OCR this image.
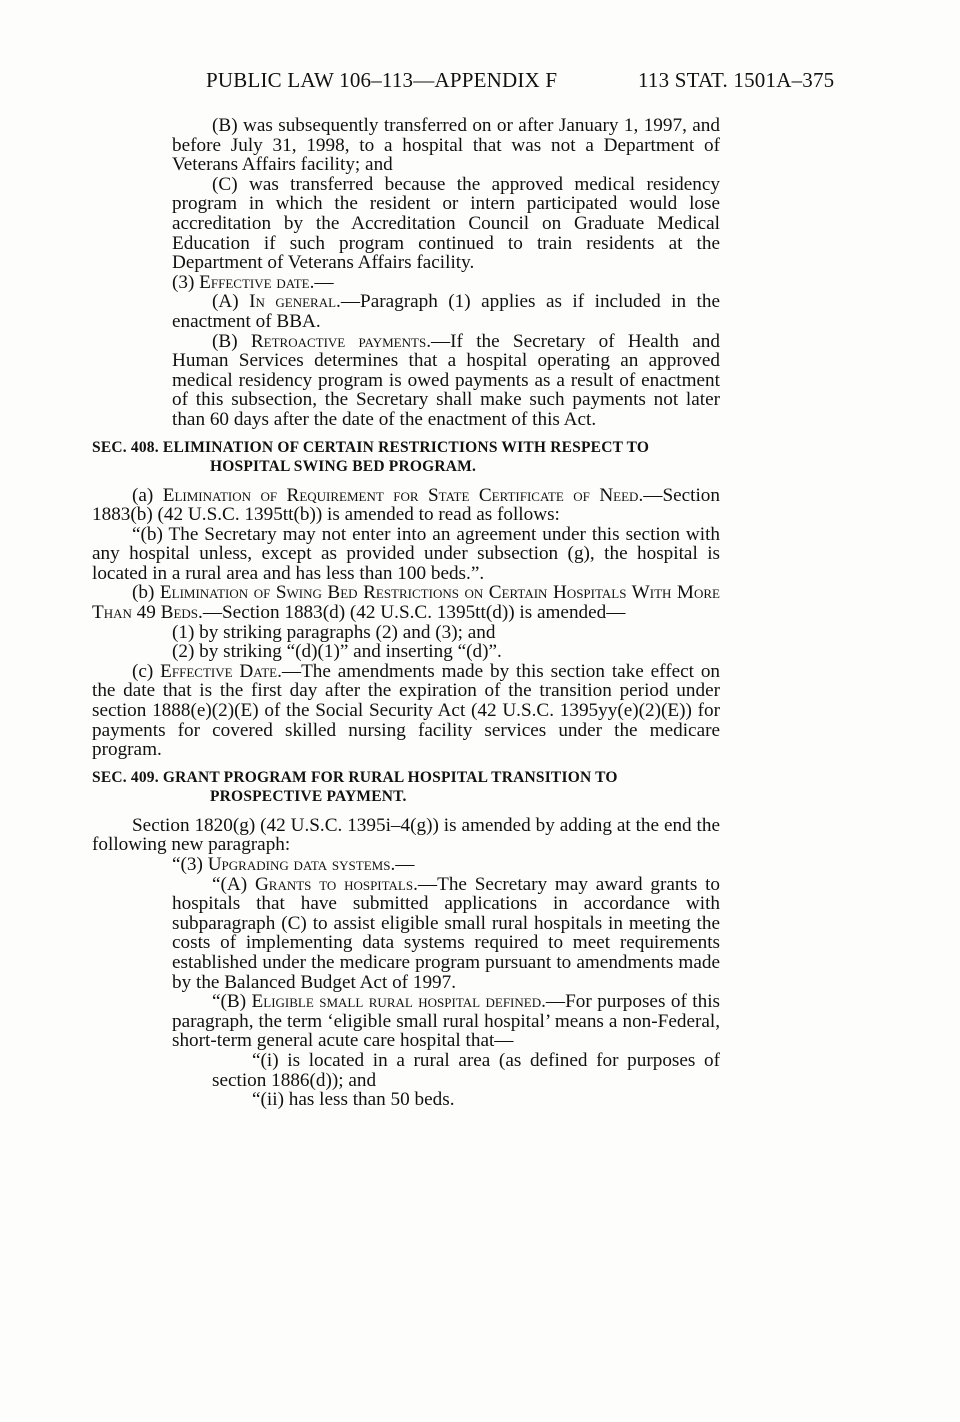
PUBLIC LAW 106–113—APPENDIX F	113 STAT. 1501A–375

(B) was subsequently transferred on or after January 1, 1997, and before July 31, 1998, to a hospital that was not a Department of Veterans Affairs facility; and

(C) was transferred because the approved medical residency program in which the resident or intern participated would lose accreditation by the Accreditation Council on Graduate Medical Education if such program continued to train residents at the Department of Veterans Affairs facility.

(3) Effective date.—

(A) In general.—Paragraph (1) applies as if included in the enactment of BBA.

(B) Retroactive payments.—If the Secretary of Health and Human Services determines that a hospital operating an approved medical residency program is owed payments as a result of enactment of this subsection, the Secretary shall make such payments not later than 60 days after the date of the enactment of this Act.

SEC. 408. ELIMINATION OF CERTAIN RESTRICTIONS WITH RESPECT TO HOSPITAL SWING BED PROGRAM.

(a) Elimination of Requirement for State Certificate of Need.—Section 1883(b) (42 U.S.C. 1395tt(b)) is amended to read as follows:

“(b) The Secretary may not enter into an agreement under this section with any hospital unless, except as provided under subsection (g), the hospital is located in a rural area and has less than 100 beds.”.

(b) Elimination of Swing Bed Restrictions on Certain Hospitals With More Than 49 Beds.—Section 1883(d) (42 U.S.C. 1395tt(d)) is amended—

(1) by striking paragraphs (2) and (3); and

(2) by striking “(d)(1)” and inserting “(d)”.

(c) Effective Date.—The amendments made by this section take effect on the date that is the first day after the expiration of the transition period under section 1888(e)(2)(E) of the Social Security Act (42 U.S.C. 1395yy(e)(2)(E)) for payments for covered skilled nursing facility services under the medicare program.

SEC. 409. GRANT PROGRAM FOR RURAL HOSPITAL TRANSITION TO PROSPECTIVE PAYMENT.

Section 1820(g) (42 U.S.C. 1395i–4(g)) is amended by adding at the end the following new paragraph:

“(3) Upgrading data systems.—

“(A) Grants to hospitals.—The Secretary may award grants to hospitals that have submitted applications in accordance with subparagraph (C) to assist eligible small rural hospitals in meeting the costs of implementing data systems required to meet requirements established under the medicare program pursuant to amendments made by the Balanced Budget Act of 1997.

“(B) Eligible small rural hospital defined.—For purposes of this paragraph, the term ‘eligible small rural hospital’ means a non-Federal, short-term general acute care hospital that—

“(i) is located in a rural area (as defined for purposes of section 1886(d)); and

“(ii) has less than 50 beds.
